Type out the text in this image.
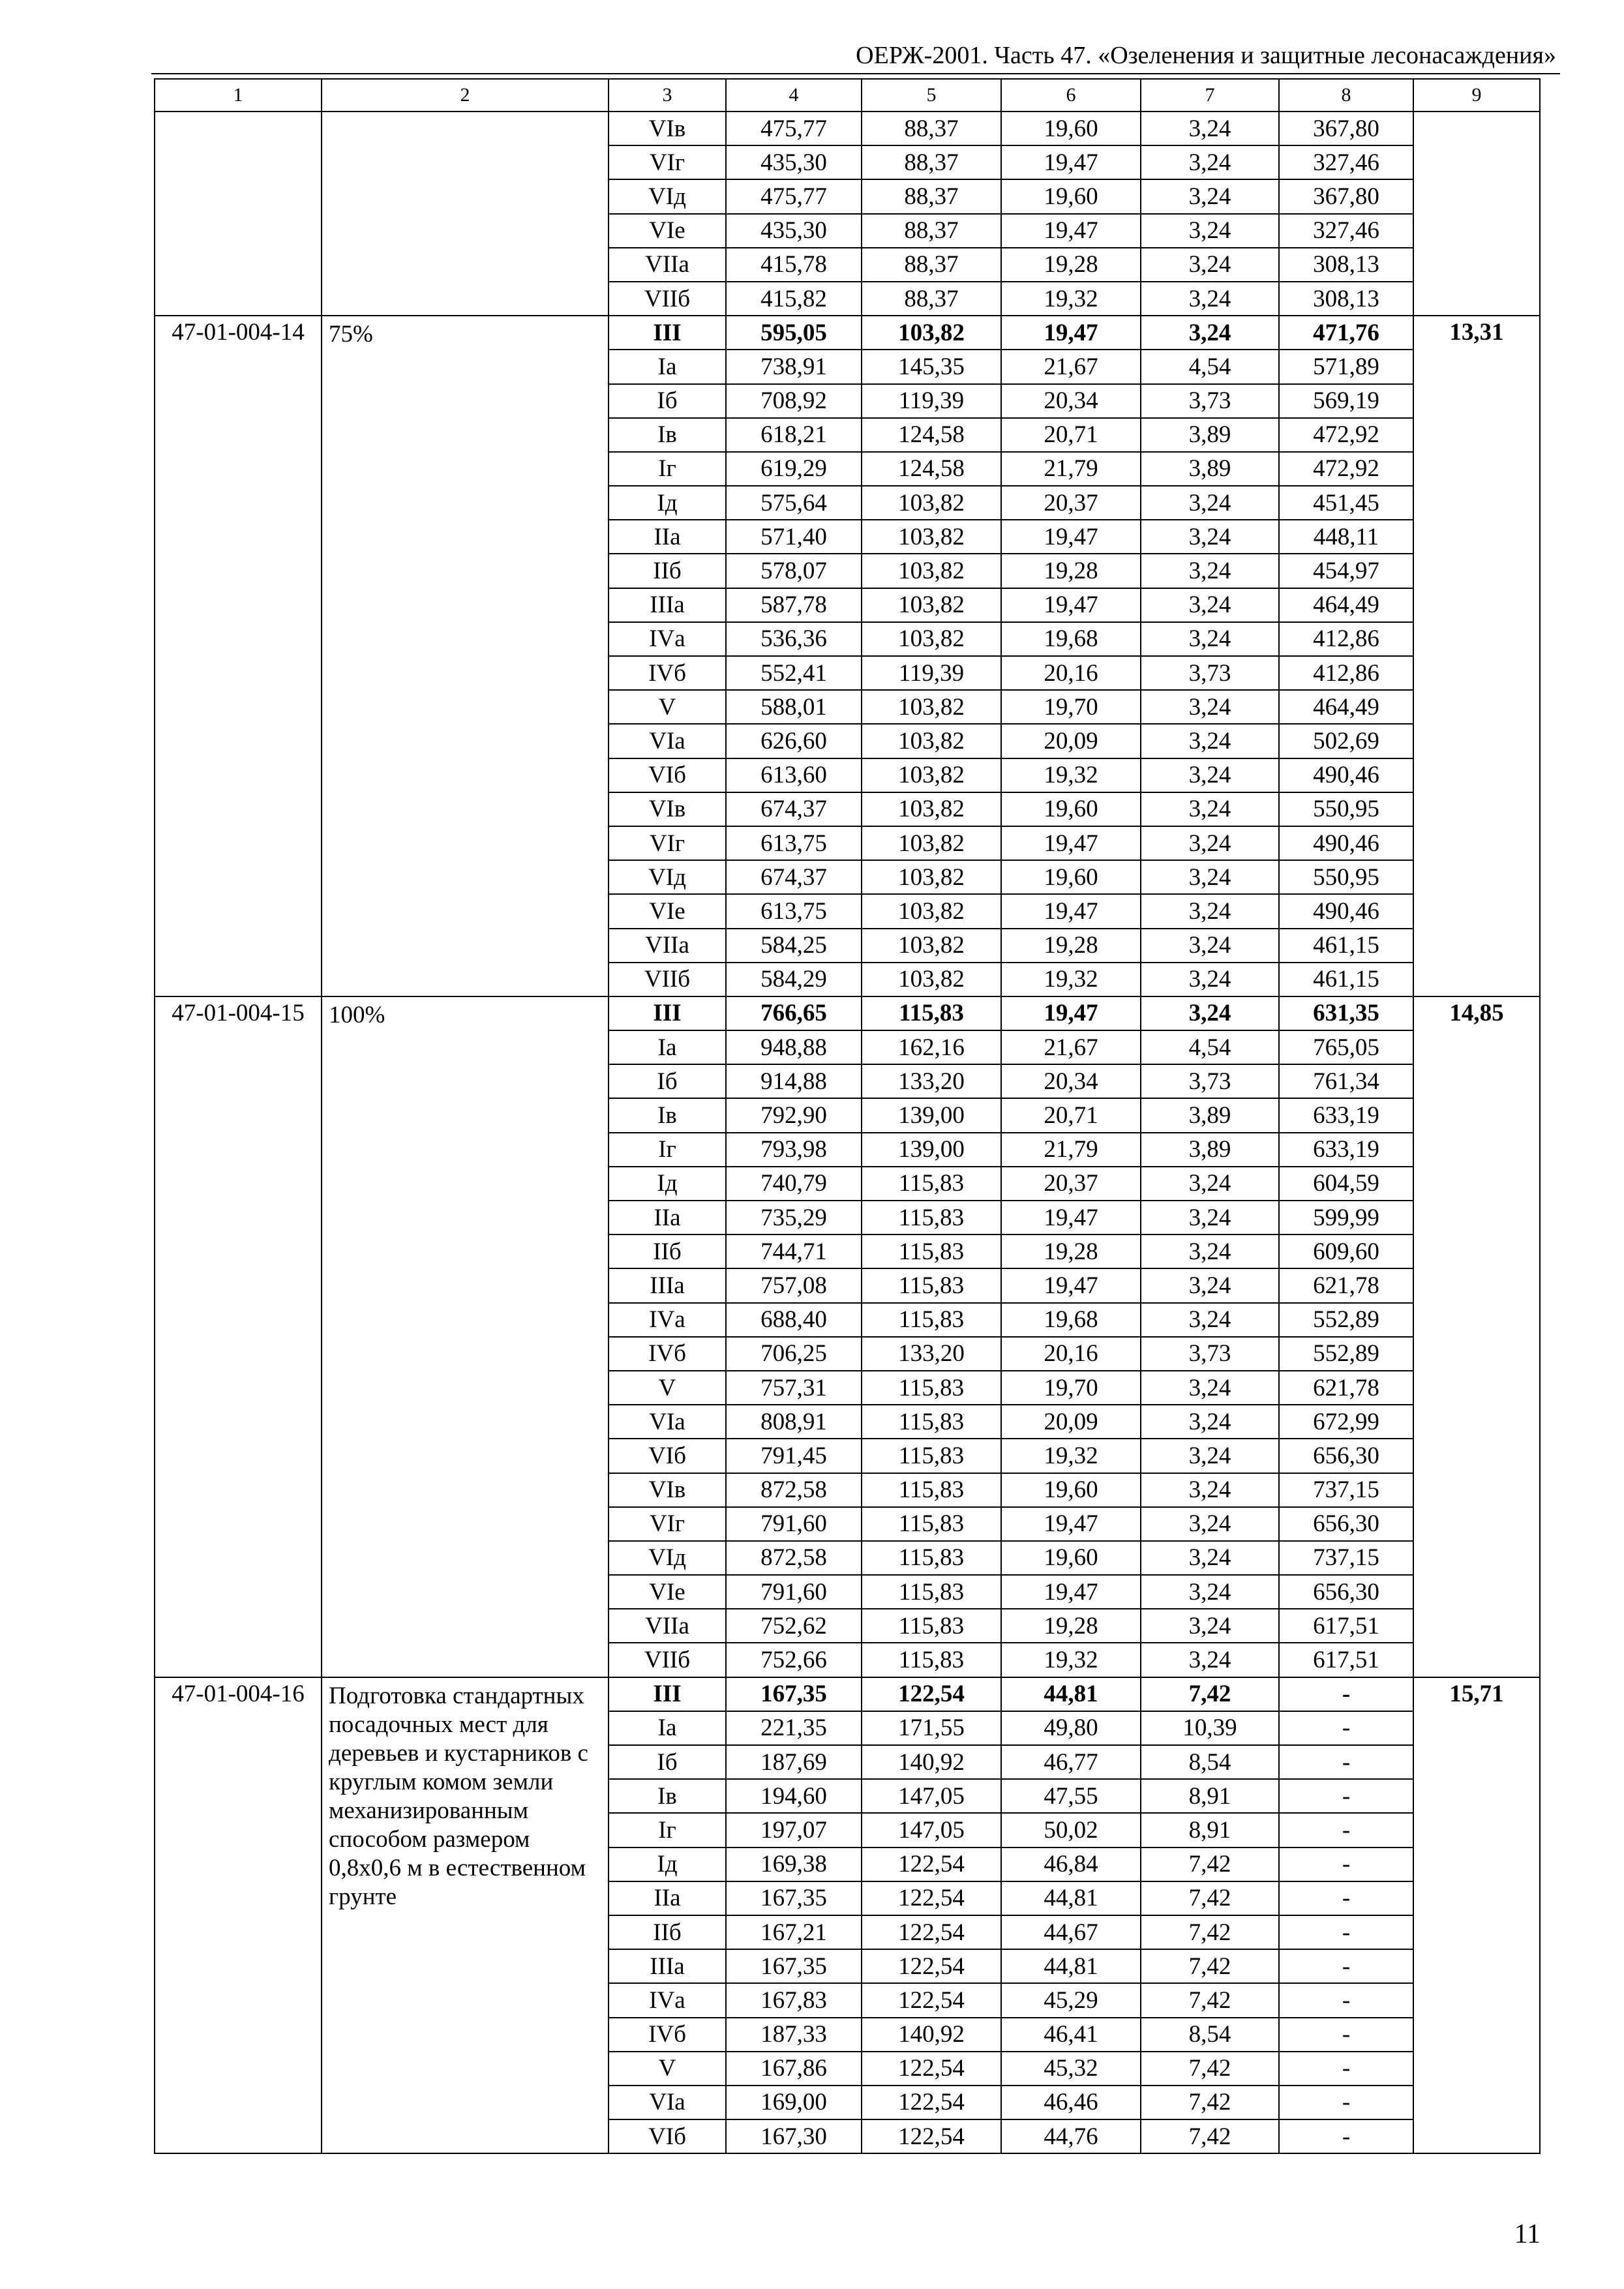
ОЕРЖ-2001. Часть 47. «Озеленения и защитные лесонасаждения»
1	2	3	4	5	6	7	8	9
		VIв	475,77	88,37	19,60	3,24	367,80	
		VIг	435,30	88,37	19,47	3,24	327,46	
		VIд	475,77	88,37	19,60	3,24	367,80	
		VIе	435,30	88,37	19,47	3,24	327,46	
		VIIа	415,78	88,37	19,28	3,24	308,13	
		VIIб	415,82	88,37	19,32	3,24	308,13	
47-01-004-14	75%	III	595,05	103,82	19,47	3,24	471,76	13,31
		Iа	738,91	145,35	21,67	4,54	571,89	
		Iб	708,92	119,39	20,34	3,73	569,19	
		Iв	618,21	124,58	20,71	3,89	472,92	
		Iг	619,29	124,58	21,79	3,89	472,92	
		Iд	575,64	103,82	20,37	3,24	451,45	
		IIа	571,40	103,82	19,47	3,24	448,11	
		IIб	578,07	103,82	19,28	3,24	454,97	
		IIIа	587,78	103,82	19,47	3,24	464,49	
		IVа	536,36	103,82	19,68	3,24	412,86	
		IVб	552,41	119,39	20,16	3,73	412,86	
		V	588,01	103,82	19,70	3,24	464,49	
		VIа	626,60	103,82	20,09	3,24	502,69	
		VIб	613,60	103,82	19,32	3,24	490,46	
		VIв	674,37	103,82	19,60	3,24	550,95	
		VIг	613,75	103,82	19,47	3,24	490,46	
		VIд	674,37	103,82	19,60	3,24	550,95	
		VIе	613,75	103,82	19,47	3,24	490,46	
		VIIа	584,25	103,82	19,28	3,24	461,15	
		VIIб	584,29	103,82	19,32	3,24	461,15	
47-01-004-15	100%	III	766,65	115,83	19,47	3,24	631,35	14,85
		Iа	948,88	162,16	21,67	4,54	765,05	
		Iб	914,88	133,20	20,34	3,73	761,34	
		Iв	792,90	139,00	20,71	3,89	633,19	
		Iг	793,98	139,00	21,79	3,89	633,19	
		Iд	740,79	115,83	20,37	3,24	604,59	
		IIа	735,29	115,83	19,47	3,24	599,99	
		IIб	744,71	115,83	19,28	3,24	609,60	
		IIIа	757,08	115,83	19,47	3,24	621,78	
		IVа	688,40	115,83	19,68	3,24	552,89	
		IVб	706,25	133,20	20,16	3,73	552,89	
		V	757,31	115,83	19,70	3,24	621,78	
		VIа	808,91	115,83	20,09	3,24	672,99	
		VIб	791,45	115,83	19,32	3,24	656,30	
		VIв	872,58	115,83	19,60	3,24	737,15	
		VIг	791,60	115,83	19,47	3,24	656,30	
		VIд	872,58	115,83	19,60	3,24	737,15	
		VIе	791,60	115,83	19,47	3,24	656,30	
		VIIа	752,62	115,83	19,28	3,24	617,51	
		VIIб	752,66	115,83	19,32	3,24	617,51	
47-01-004-16	Подготовка стандартных посадочных мест для деревьев и кустарников с круглым комом земли механизированным способом размером 0,8х0,6 м в естественном грунте	III	167,35	122,54	44,81	7,42	-	15,71
		Iа	221,35	171,55	49,80	10,39	-	
		Iб	187,69	140,92	46,77	8,54	-	
		Iв	194,60	147,05	47,55	8,91	-	
		Iг	197,07	147,05	50,02	8,91	-	
		Iд	169,38	122,54	46,84	7,42	-	
		IIа	167,35	122,54	44,81	7,42	-	
		IIб	167,21	122,54	44,67	7,42	-	
		IIIа	167,35	122,54	44,81	7,42	-	
		IVа	167,83	122,54	45,29	7,42	-	
		IVб	187,33	140,92	46,41	8,54	-	
		V	167,86	122,54	45,32	7,42	-	
		VIа	169,00	122,54	46,46	7,42	-	
		VIб	167,30	122,54	44,76	7,42	-	
11
